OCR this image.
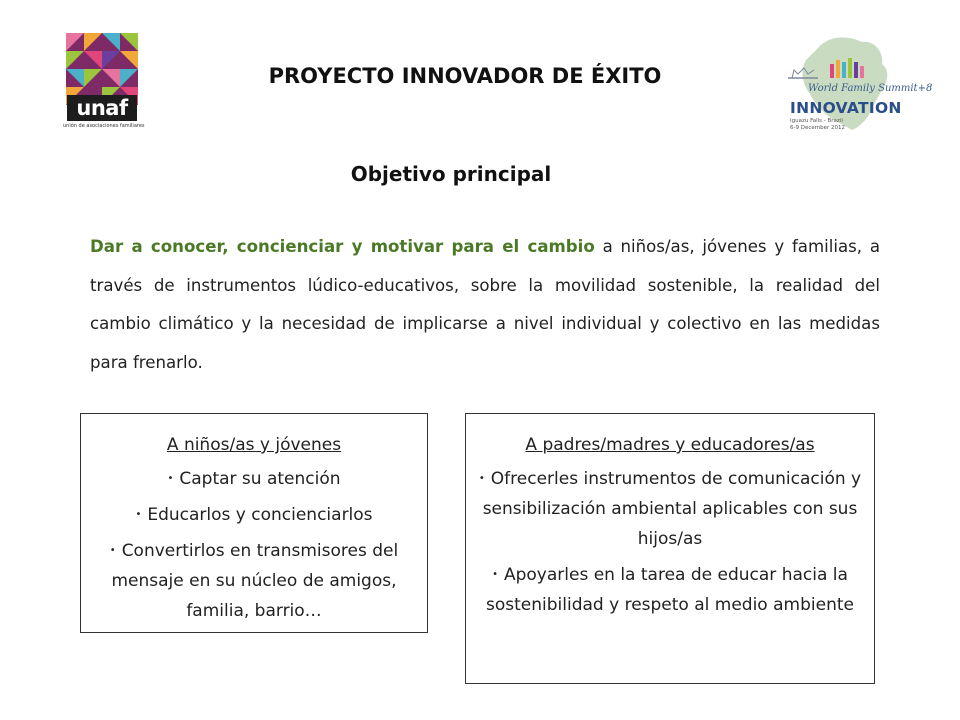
unaf
unión de asociaciones familiares
World Family Summit+8
INNOVATION
Iguazu Falls - Brazil
6-9 December 2012
PROYECTO INNOVADOR DE ÉXITO
Objetivo principal
Dar a conocer, concienciar y motivar para el cambio a niños/as, jóvenes y familias, a través de instrumentos lúdico-educativos, sobre la movilidad sostenible, la realidad del cambio climático y la necesidad de implicarse a nivel individual y colectivo en las medidas para frenarlo.
A niños/as y jóvenes
• Captar su atención
• Educarlos y concienciarlos
• Convertirlos en transmisores del mensaje en su núcleo de amigos, familia, barrio…
A padres/madres y educadores/as
• Ofrecerles instrumentos de comunicación y sensibilización ambiental aplicables con sus hijos/as
• Apoyarles en la tarea de educar hacia la sostenibilidad y respeto al medio ambiente
